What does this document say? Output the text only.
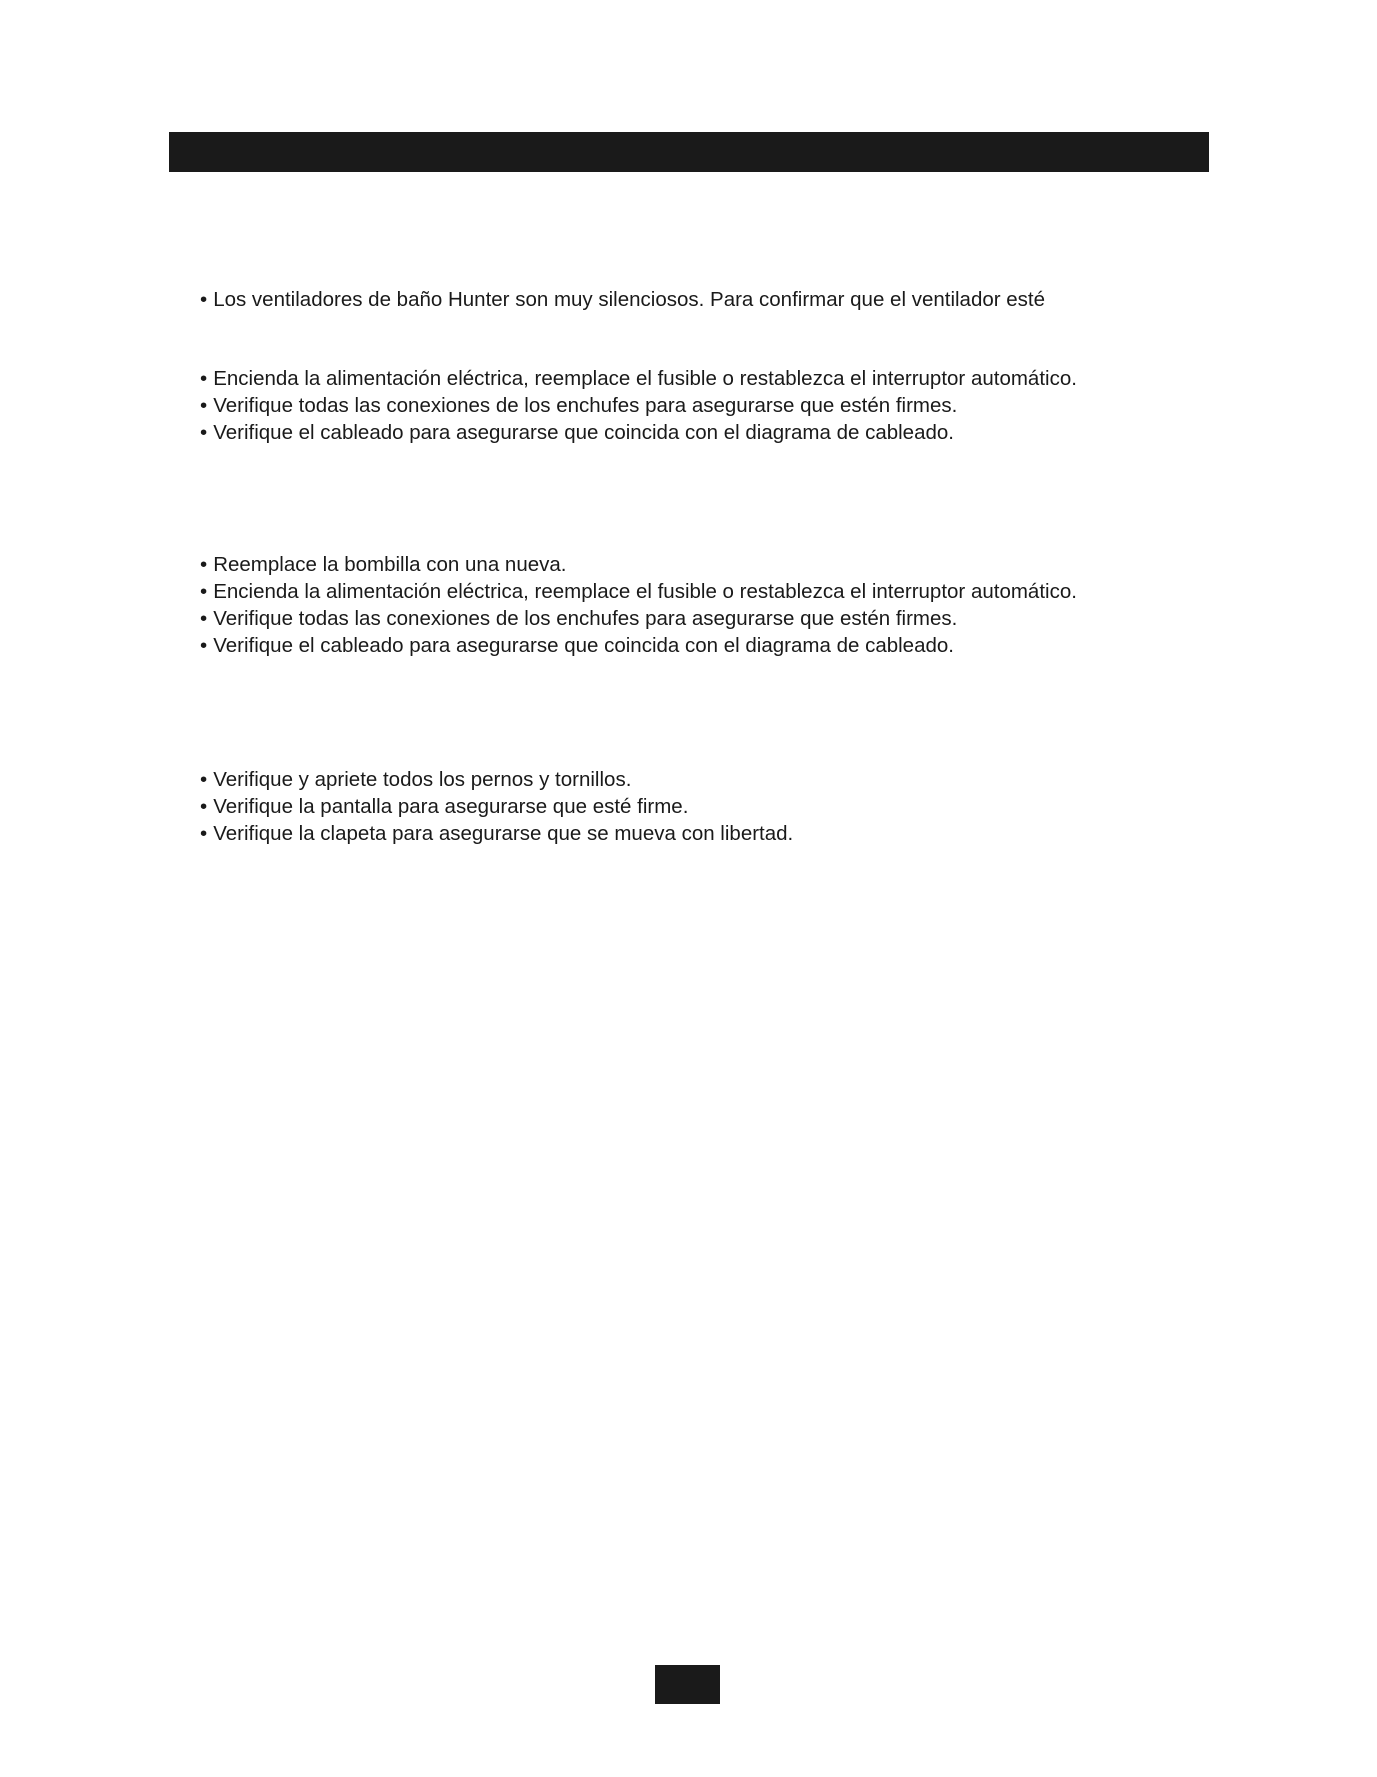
• Los ventiladores de baño Hunter son muy silenciosos. Para confirmar que el ventilador esté
• Encienda la alimentación eléctrica, reemplace el fusible o restablezca el interruptor automático.
• Verifique todas las conexiones de los enchufes para asegurarse que estén firmes.
• Verifique el cableado para asegurarse que coincida con el diagrama de cableado.
• Reemplace la bombilla con una nueva.
• Encienda la alimentación eléctrica, reemplace el fusible o restablezca el interruptor automático.
• Verifique todas las conexiones de los enchufes para asegurarse que estén firmes.
• Verifique el cableado para asegurarse que coincida con el diagrama de cableado.
• Verifique y apriete todos los pernos y tornillos.
• Verifique la pantalla para asegurarse que esté firme.
• Verifique la clapeta para asegurarse que se mueva con libertad.
